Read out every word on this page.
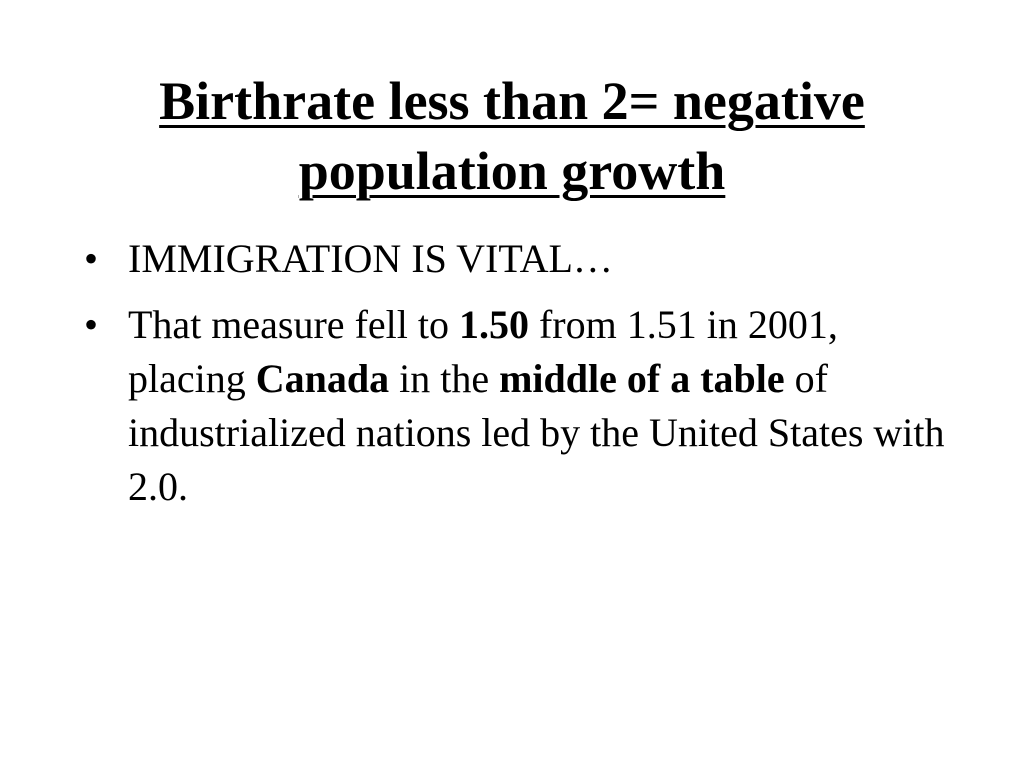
Birthrate less than 2= negative population growth
• IMMIGRATION IS VITAL…
• That measure fell to 1.50 from 1.51 in 2001, placing Canada in the middle of a table of industrialized nations led by the United States with 2.0.
